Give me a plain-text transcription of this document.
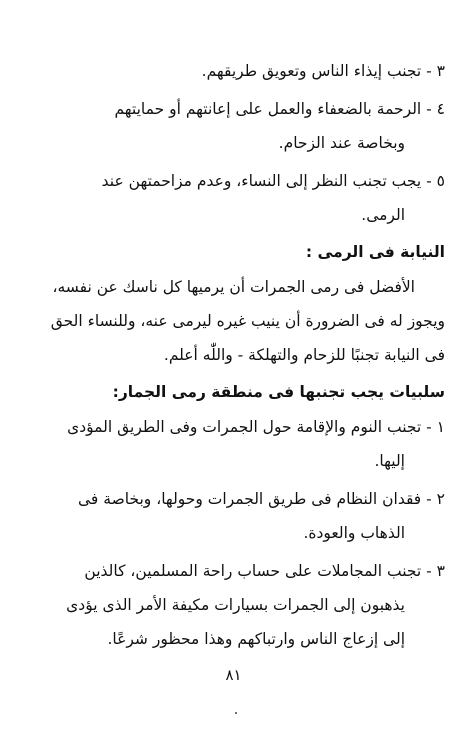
٣ - تجنب إيذاء الناس وتعويق طريقهم.

٤ - الرحمة بالضعفاء والعمل على إعانتهم أو حمايتهم

وبخاصة عند الزحام.

٥ - يجب تجنب النظر إلى النساء، وعدم مزاحمتهن عند

الرمى.

النيابة فى الرمى :

الأفضل فى رمى الجمرات أن يرميها كل ناسك عن نفسه،

ويجوز له فى الضرورة أن ينيب غيره ليرمى عنه، وللنساء الحق

فى النيابة تجنبًا للزحام والتهلكة - واللّٰه أعلم.

سلبيات يجب تجنبها فى منطقة رمى الجمار:

١ - تجنب النوم والإقامة حول الجمرات وفى الطريق المؤدى

إليها.

٢ - فقدان النظام فى طريق الجمرات وحولها، وبخاصة فى

الذهاب والعودة.

٣ - تجنب المجاملات على حساب راحة المسلمين، كالذين

يذهبون إلى الجمرات بسيارات مكيفة الأمر الذى يؤدى

إلى إزعاج الناس وارتباكهم وهذا محظور شرعًا.

٨١
